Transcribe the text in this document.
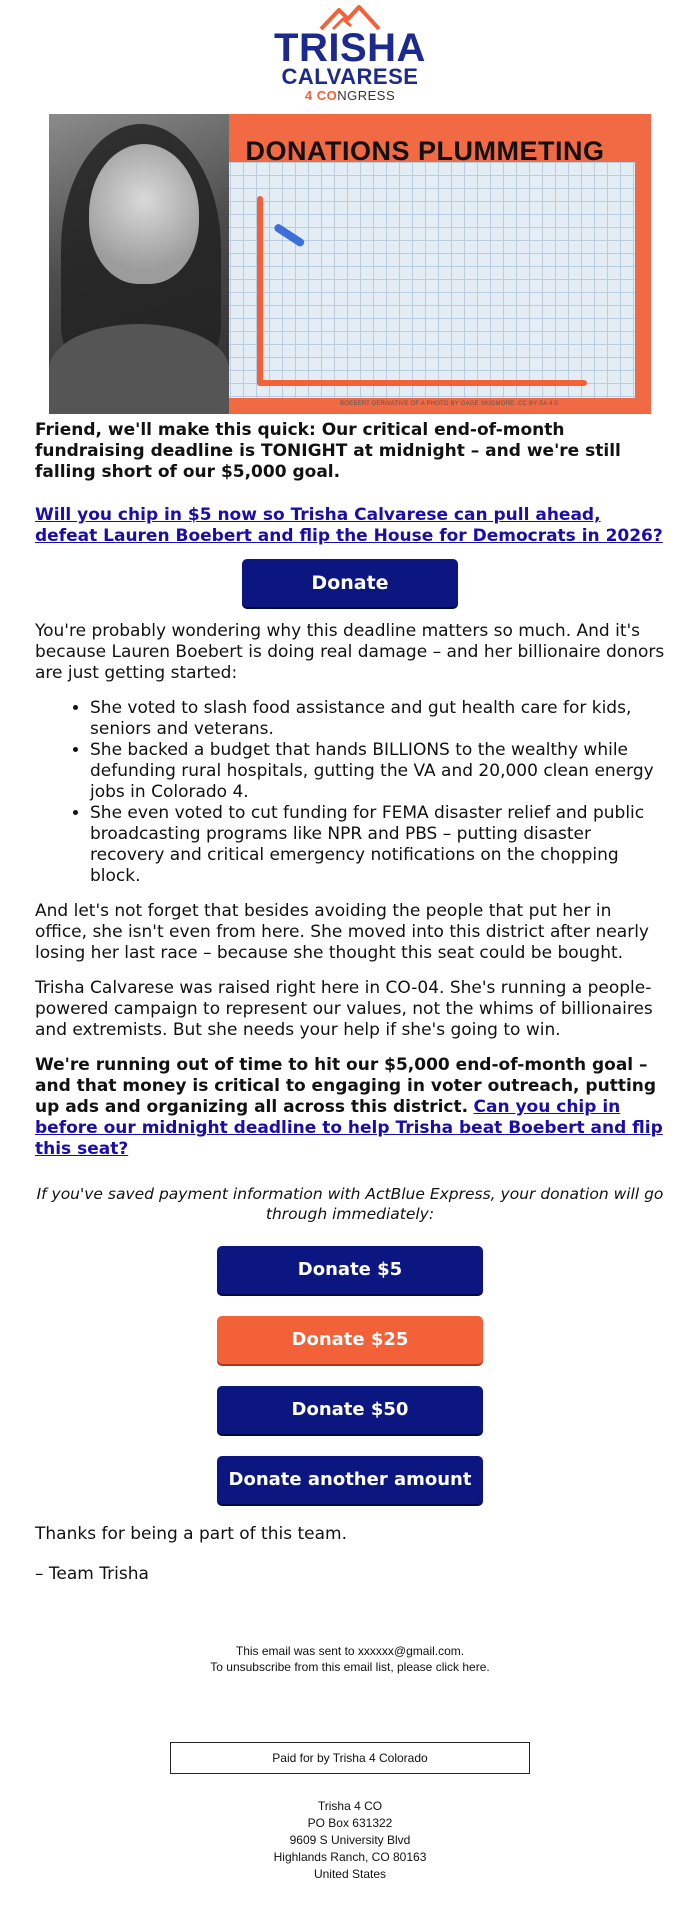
TRISHA
CALVARESE
4 CONGRESS
DONATIONS PLUMMETING
BOEBERT DERIVATIVE OF A PHOTO BY GAGE SKIDMORE. CC BY-SA 4.0

Friend, we'll make this quick: Our critical end-of-month fundraising deadline is TONIGHT at midnight – and we're still falling short of our $5,000 goal.

Will you chip in $5 now so Trisha Calvarese can pull ahead, defeat Lauren Boebert and flip the House for Democrats in 2026?

Donate

You're probably wondering why this deadline matters so much. And it's because Lauren Boebert is doing real damage – and her billionaire donors are just getting started:

• She voted to slash food assistance and gut health care for kids, seniors and veterans.
• She backed a budget that hands BILLIONS to the wealthy while defunding rural hospitals, gutting the VA and 20,000 clean energy jobs in Colorado 4.
• She even voted to cut funding for FEMA disaster relief and public broadcasting programs like NPR and PBS – putting disaster recovery and critical emergency notifications on the chopping block.

And let's not forget that besides avoiding the people that put her in office, she isn't even from here. She moved into this district after nearly losing her last race – because she thought this seat could be bought.

Trisha Calvarese was raised right here in CO-04. She's running a people-powered campaign to represent our values, not the whims of billionaires and extremists. But she needs your help if she's going to win.

We're running out of time to hit our $5,000 end-of-month goal – and that money is critical to engaging in voter outreach, putting up ads and organizing all across this district. Can you chip in before our midnight deadline to help Trisha beat Boebert and flip this seat?

If you've saved payment information with ActBlue Express, your donation will go through immediately:

Donate $5
Donate $25
Donate $50
Donate another amount

Thanks for being a part of this team.

– Team Trisha

This email was sent to xxxxxx@gmail.com.
To unsubscribe from this email list, please click here.
Paid for by Trisha 4 Colorado
Trisha 4 CO
PO Box 631322
9609 S University Blvd
Highlands Ranch, CO 80163
United States
